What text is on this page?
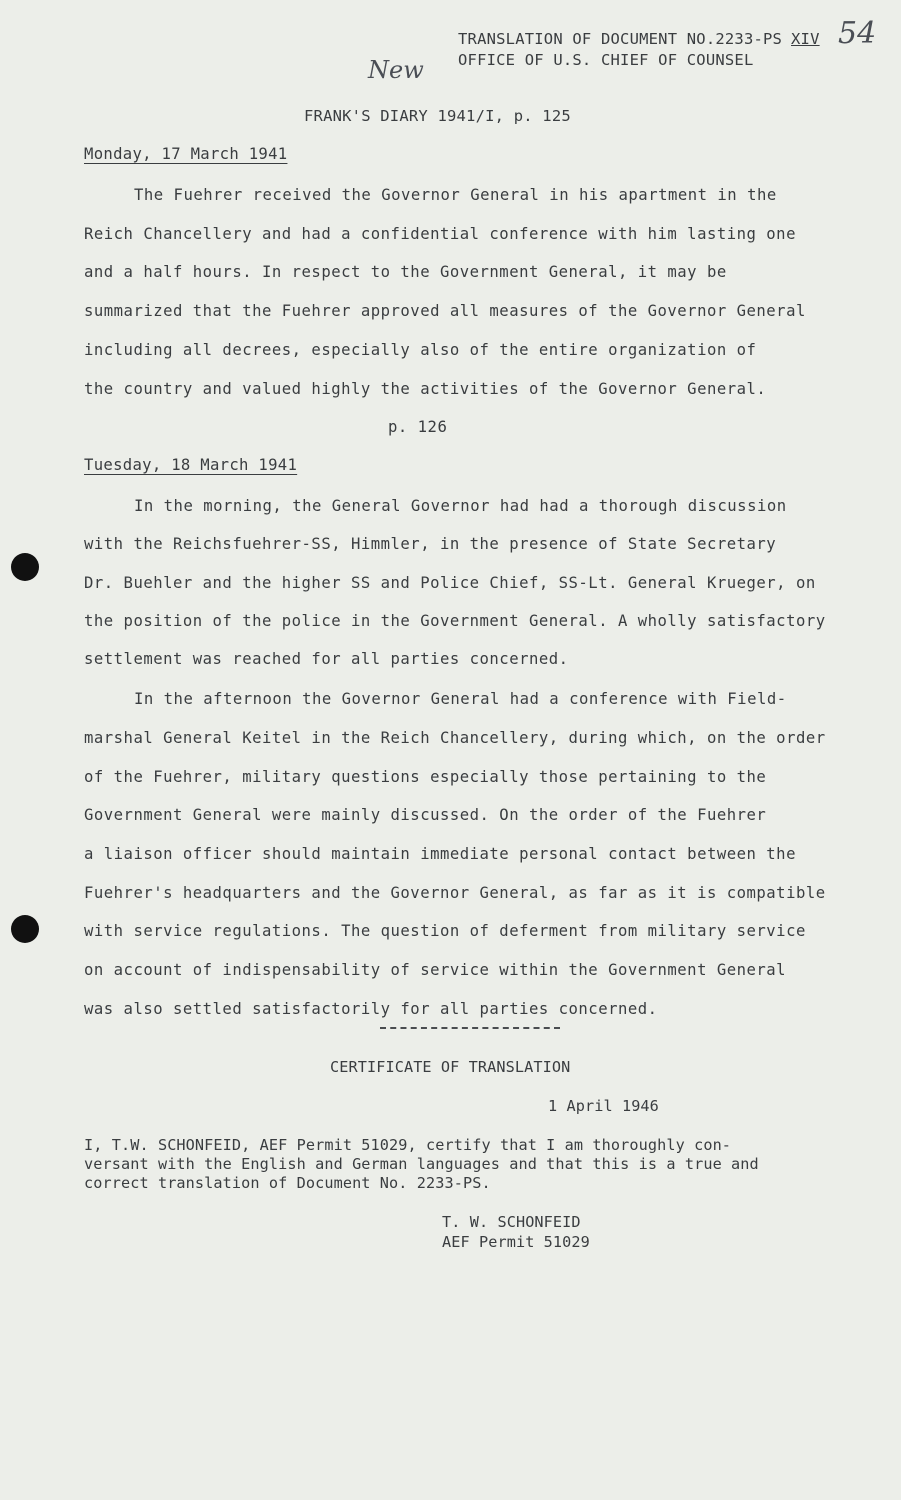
TRANSLATION OF DOCUMENT NO.2233-PS XIV
OFFICE OF U.S. CHIEF OF COUNSEL
54
New
FRANK'S DIARY 1941/I, p. 125
Monday, 17 March 1941
The Fuehrer received the Governor General in his apartment in the
Reich Chancellery and had a confidential conference with him lasting one
and a half hours. In respect to the Government General, it may be
summarized that the Fuehrer approved all measures of the Governor General
including all decrees, especially also of the entire organization of
the country and valued highly the activities of the Governor General.
p. 126
Tuesday, 18 March 1941
In the morning, the General Governor had had a thorough discussion
with the Reichsfuehrer-SS, Himmler, in the presence of State Secretary
Dr. Buehler and the higher SS and Police Chief, SS-Lt. General Krueger, on
the position of the police in the Government General. A wholly satisfactory
settlement was reached for all parties concerned.
In the afternoon the Governor General had a conference with Field-
marshal General Keitel in the Reich Chancellery, during which, on the order
of the Fuehrer, military questions especially those pertaining to the
Government General were mainly discussed. On the order of the Fuehrer
a liaison officer should maintain immediate personal contact between the
Fuehrer's headquarters and the Governor General, as far as it is compatible
with service regulations. The question of deferment from military service
on account of indispensability of service within the Government General
was also settled satisfactorily for all parties concerned.
CERTIFICATE OF TRANSLATION
1 April 1946
I, T.W. SCHONFEID, AEF Permit 51029, certify that I am thoroughly con-
versant with the English and German languages and that this is a true and
correct translation of Document No. 2233-PS.
T. W. SCHONFEID
AEF Permit 51029
